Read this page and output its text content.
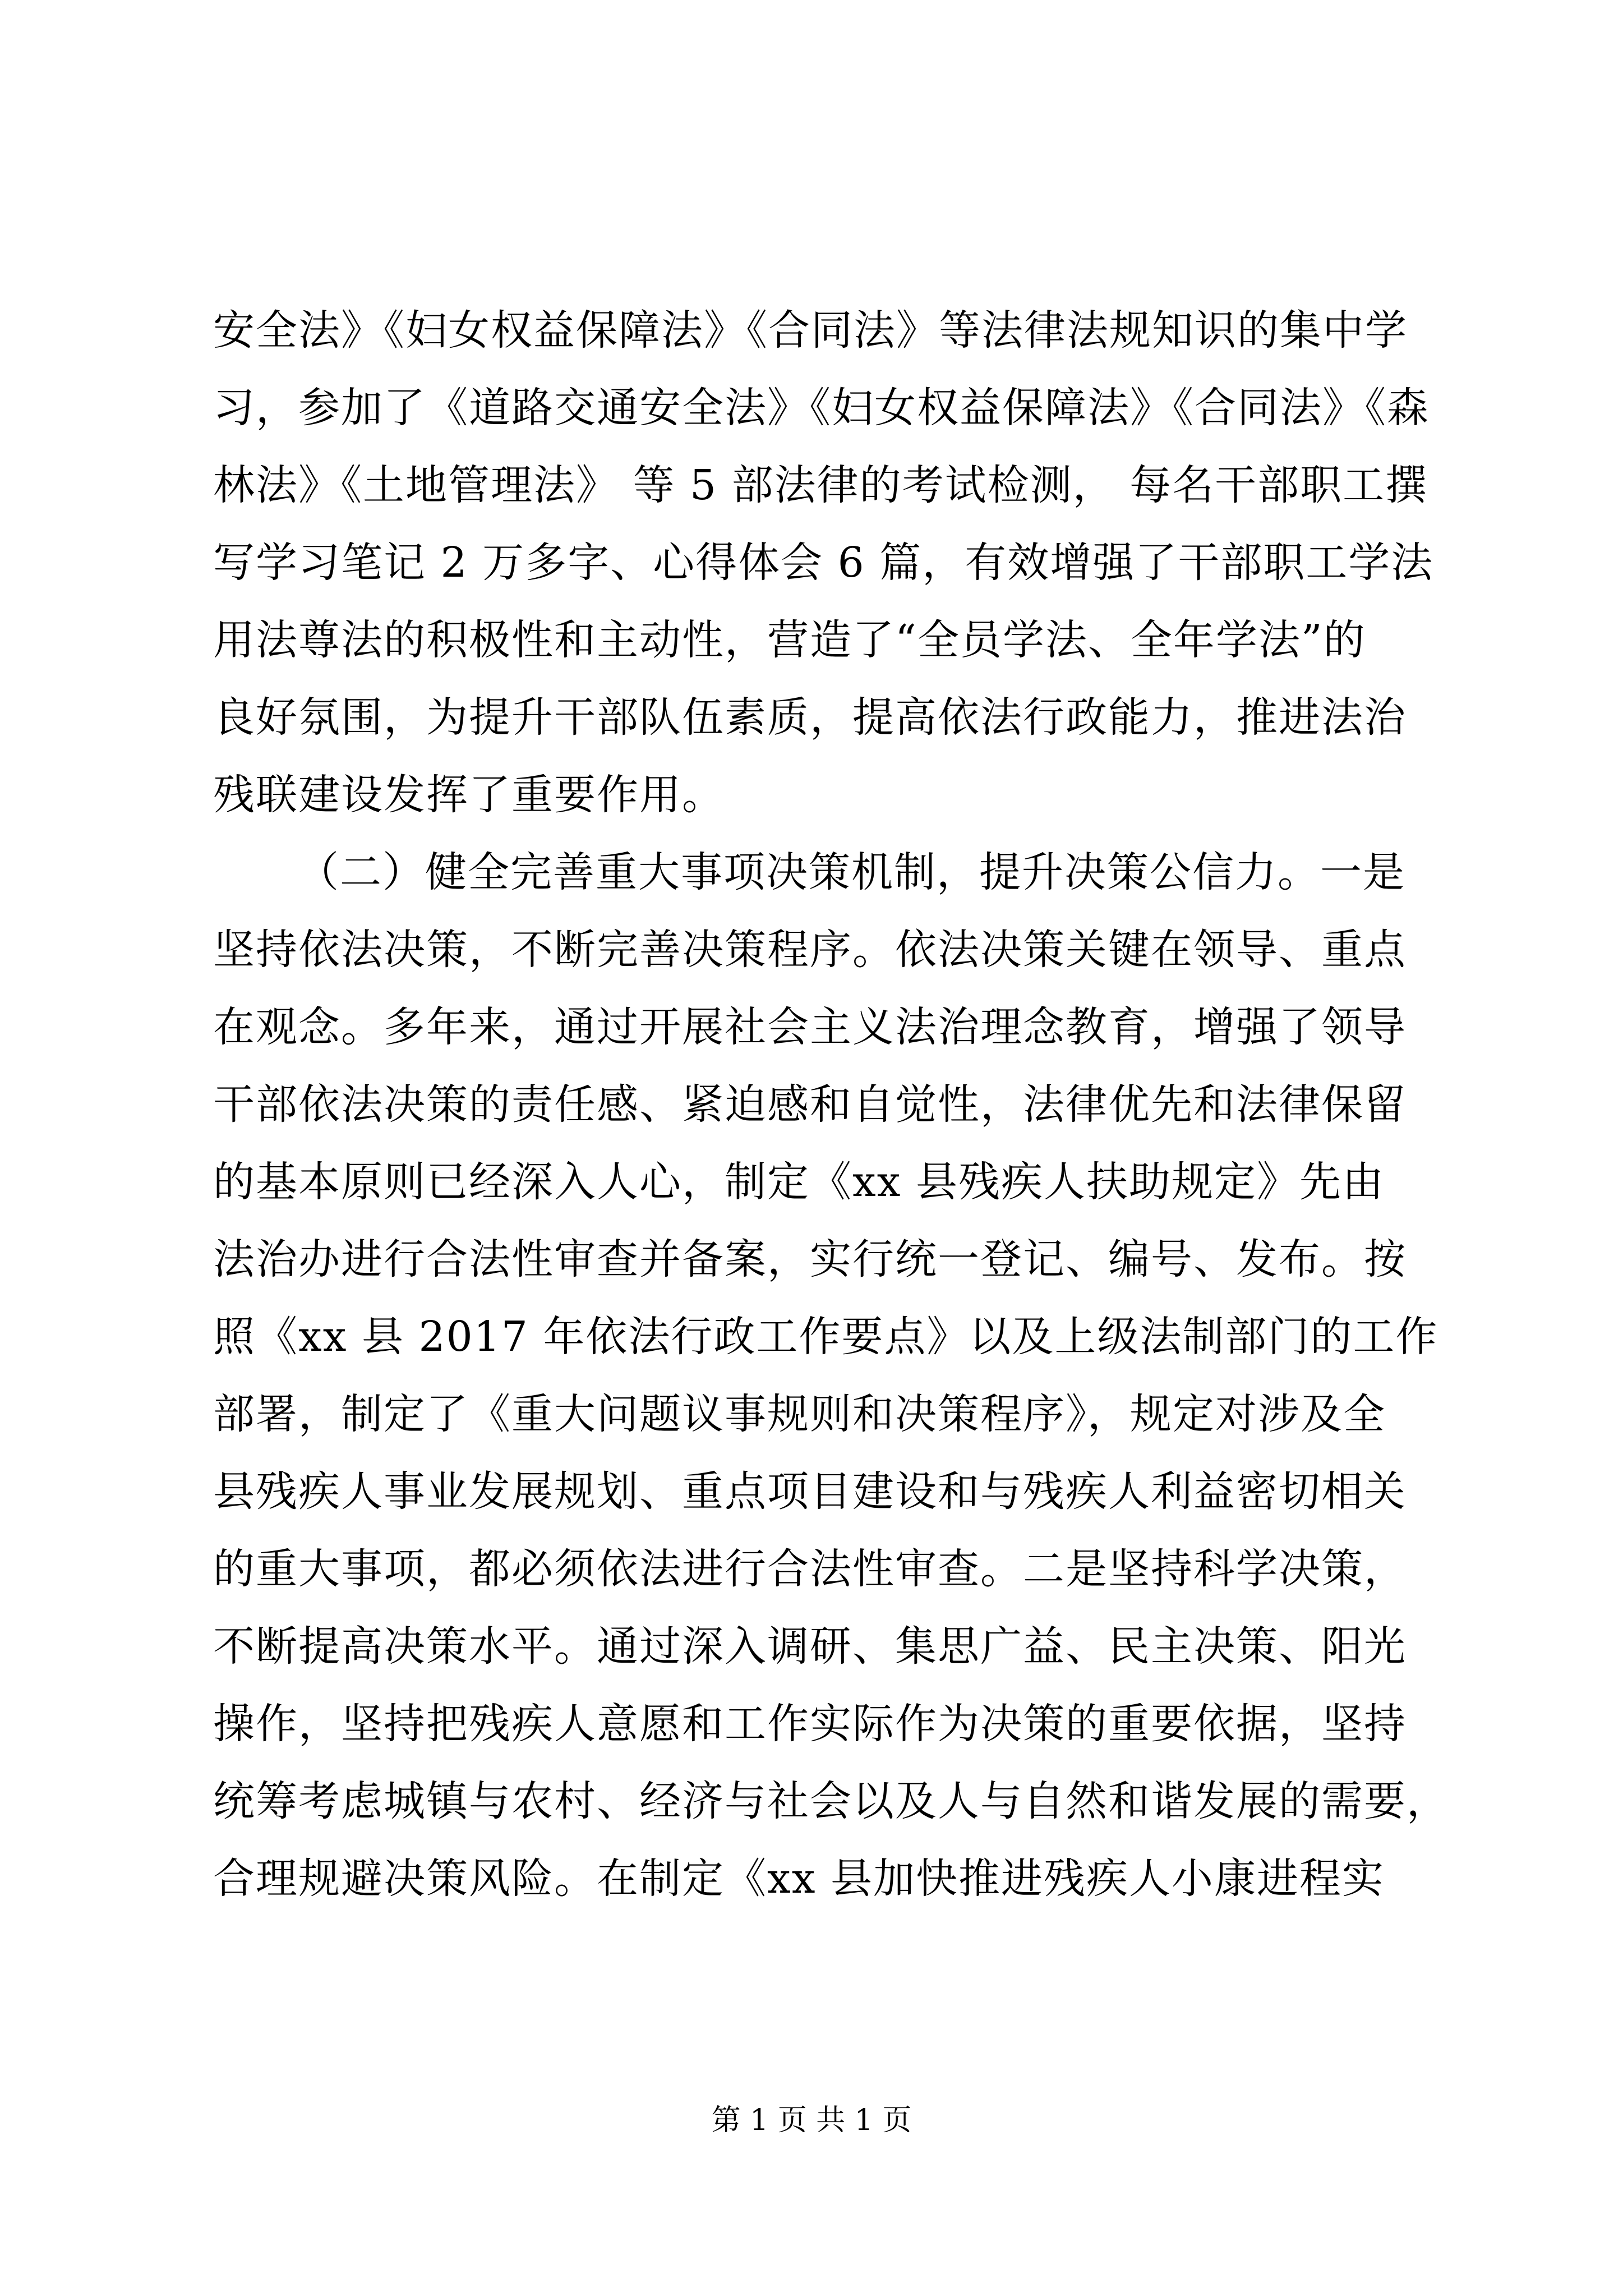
安全法》《妇女权益保障法》《合同法》等法律法规知识的集中学
习，参加了《道路交通安全法》《妇女权益保障法》《合同法》《森
林法》《土地管理法》 等 5 部法律的考试检测， 每名干部职工撰
写学习笔记 2 万多字、心得体会 6 篇，有效增强了干部职工学法
用法尊法的积极性和主动性，营造了“全员学法、全年学法”的
良好氛围，为提升干部队伍素质，提高依法行政能力，推进法治
残联建设发挥了重要作用。
（二）健全完善重大事项决策机制，提升决策公信力。一是
坚持依法决策，不断完善决策程序。依法决策关键在领导、重点
在观念。多年来，通过开展社会主义法治理念教育，增强了领导
干部依法决策的责任感、紧迫感和自觉性，法律优先和法律保留
的基本原则已经深入人心，制定《xx 县残疾人扶助规定》先由
法治办进行合法性审查并备案，实行统一登记、编号、发布。按
照《xx 县 2017 年依法行政工作要点》以及上级法制部门的工作
部署，制定了《重大问题议事规则和决策程序》，规定对涉及全
县残疾人事业发展规划、重点项目建设和与残疾人利益密切相关
的重大事项，都必须依法进行合法性审查。二是坚持科学决策，
不断提高决策水平。通过深入调研、集思广益、民主决策、阳光
操作，坚持把残疾人意愿和工作实际作为决策的重要依据，坚持
统筹考虑城镇与农村、经济与社会以及人与自然和谐发展的需要，
合理规避决策风险。在制定《xx 县加快推进残疾人小康进程实
第 1 页 共 1 页
